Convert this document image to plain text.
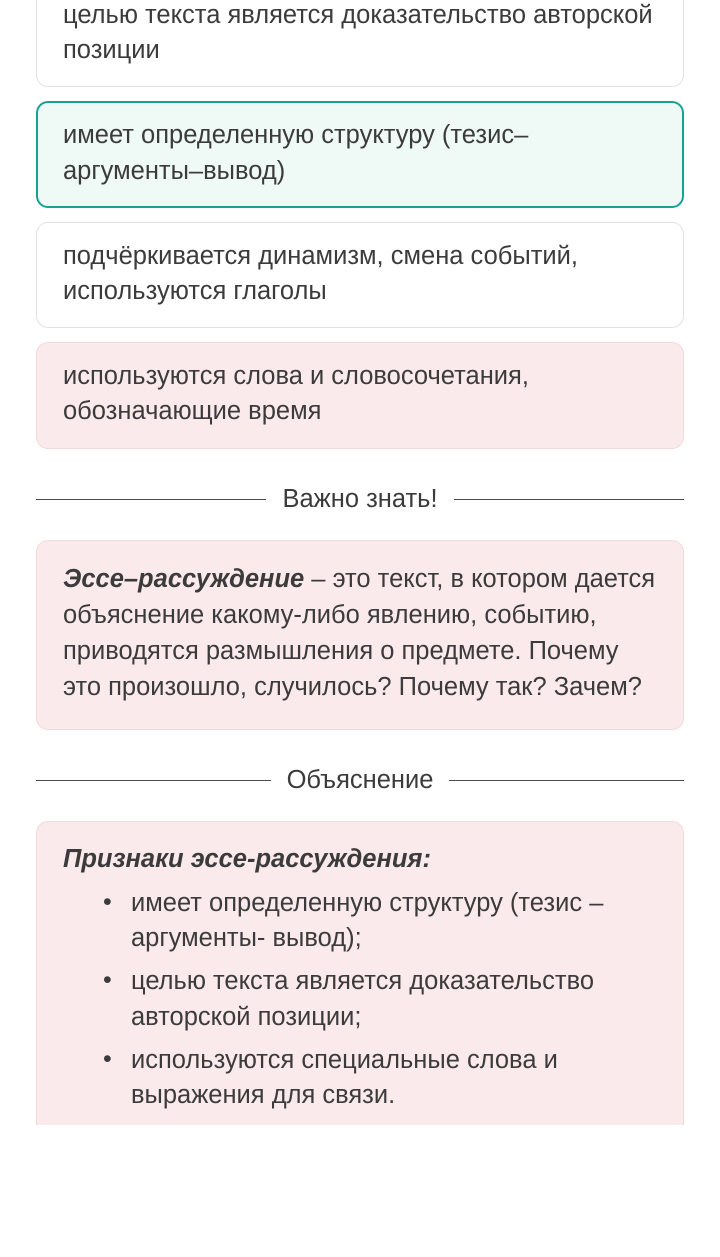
целью текста является доказательство авторской позиции
имеет определенную структуру (тезис–аргументы–вывод)
подчёркивается динамизм, смена событий, используются глаголы
используются слова и словосочетания, обозначающие время
Важно знать!
Эссе–рассуждение – это текст, в котором дается объяснение какому-либо явлению, событию, приводятся размышления о предмете. Почему это произошло, случилось? Почему так? Зачем?
Объяснение
Признаки эссе-рассуждения:
• имеет определенную структуру (тезис –аргументы- вывод);
• целью текста является доказательство авторской позиции;
• используются специальные слова и выражения для связи.
